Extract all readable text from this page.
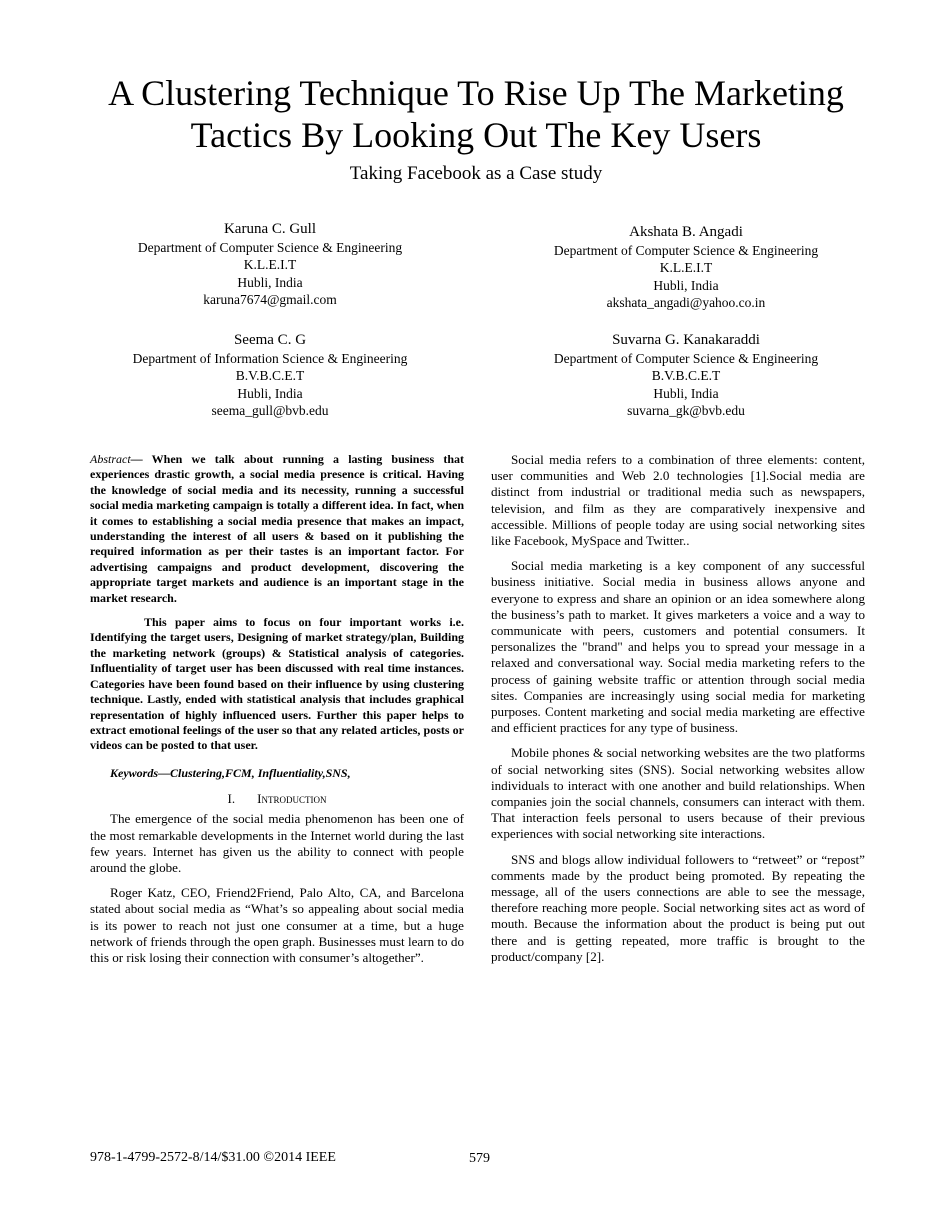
A Clustering Technique To Rise Up The Marketing
Tactics By Looking Out The Key Users
Taking Facebook as a Case study
Karuna C. Gull
Department of Computer Science & Engineering
K.L.E.I.T
Hubli, India
karuna7674@gmail.com
Akshata B. Angadi
Department of Computer Science & Engineering
K.L.E.I.T
Hubli, India
akshata_angadi@yahoo.co.in
Seema C. G
Department of Information Science & Engineering
B.V.B.C.E.T
Hubli, India
seema_gull@bvb.edu
Suvarna G. Kanakaraddi
Department of Computer Science & Engineering
B.V.B.C.E.T
Hubli, India
suvarna_gk@bvb.edu

Abstract— When we talk about running a lasting business that experiences drastic growth, a social media presence is critical. Having the knowledge of social media and its necessity, running a successful social media marketing campaign is totally a different idea. In fact, when it comes to establishing a social media presence that makes an impact, understanding the interest of all users & based on it publishing the required information as per their tastes is an important factor. For advertising campaigns and product development, discovering the appropriate target markets and audience is an important stage in the market research.

This paper aims to focus on four important works i.e. Identifying the target users, Designing of market strategy/plan, Building the marketing network (groups) & Statistical analysis of categories. Influentiality of target user has been discussed with real time instances. Categories have been found based on their influence by using clustering technique. Lastly, ended with statistical analysis that includes graphical representation of highly influenced users. Further this paper helps to extract emotional feelings of the user so that any related articles, posts or videos can be posted to that user.

Keywords—Clustering,FCM, Influentiality,SNS,

I. Introduction

The emergence of the social media phenomenon has been one of the most remarkable developments in the Internet world during the last few years. Internet has given us the ability to connect with people around the globe.

Roger Katz, CEO, Friend2Friend, Palo Alto, CA, and Barcelona stated about social media as “What’s so appealing about social media is its power to reach not just one consumer at a time, but a huge network of friends through the open graph. Businesses must learn to do this or risk losing their connection with consumer’s altogether”.

Social media refers to a combination of three elements: content, user communities and Web 2.0 technologies [1].Social media are distinct from industrial or traditional media such as newspapers, television, and film as they are comparatively inexpensive and accessible. Millions of people today are using social networking sites like Facebook, MySpace and Twitter..

Social media marketing is a key component of any successful business initiative. Social media in business allows anyone and everyone to express and share an opinion or an idea somewhere along the business’s path to market. It gives marketers a voice and a way to communicate with peers, customers and potential consumers. It personalizes the "brand" and helps you to spread your message in a relaxed and conversational way. Social media marketing refers to the process of gaining website traffic or attention through social media sites. Companies are increasingly using social media for marketing purposes. Content marketing and social media marketing are effective and efficient practices for any type of business.

Mobile phones & social networking websites are the two platforms of social networking sites (SNS). Social networking websites allow individuals to interact with one another and build relationships. When companies join the social channels, consumers can interact with them. That interaction feels personal to users because of their previous experiences with social networking site interactions.

SNS and blogs allow individual followers to “retweet” or “repost” comments made by the product being promoted. By repeating the message, all of the users connections are able to see the message, therefore reaching more people. Social networking sites act as word of mouth. Because the information about the product is being put out there and is getting repeated, more traffic is brought to the product/company [2].

978-1-4799-2572-8/14/$31.00 ©2014 IEEE	579
